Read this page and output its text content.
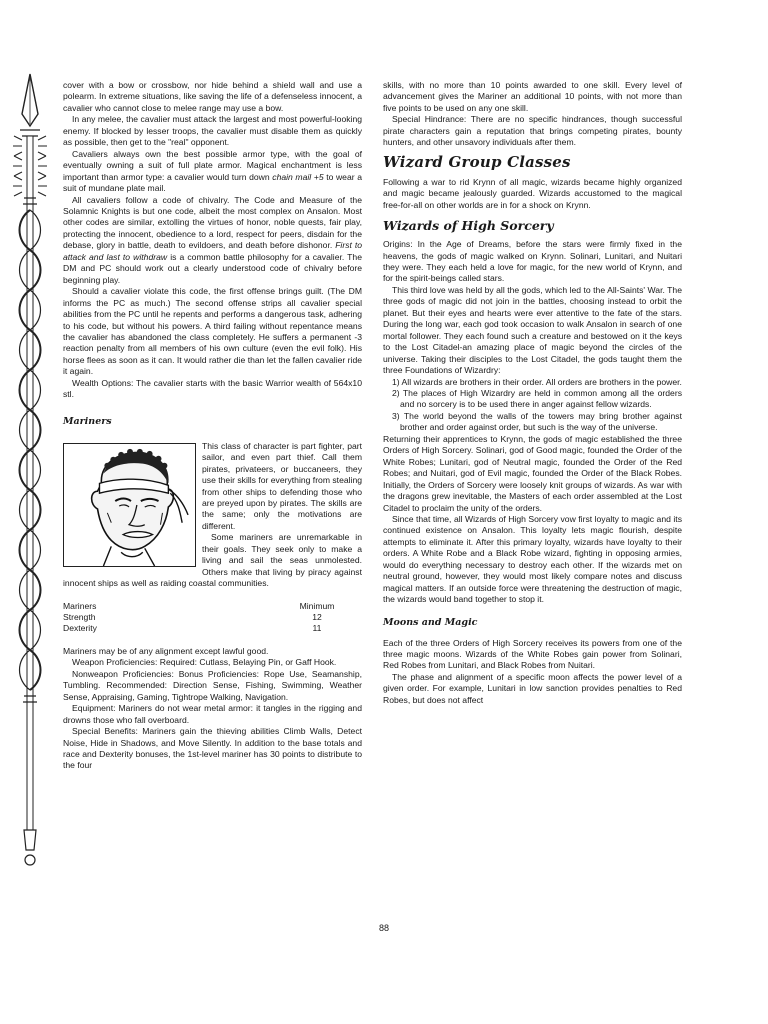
cover with a bow or crossbow, nor hide behind a shield wall and use a polearm. In extreme situations, like saving the life of a defenseless innocent, a cavalier who cannot close to melee range may use a bow.

In any melee, the cavalier must attack the largest and most powerful-looking enemy. If blocked by lesser troops, the cavalier must disable them as quickly as possible, then get to the "real" opponent.

Cavaliers always own the best possible armor type, with the goal of eventually owning a suit of full plate armor. Magical enchantment is less important than armor type: a cavalier would turn down chain mail +5 to wear a suit of mundane plate mail.

All cavaliers follow a code of chivalry. The Code and Measure of the Solamnic Knights is but one code, albeit the most complex on Ansalon. Most other codes are similar, extolling the virtues of honor, noble quests, fair play, protecting the innocent, obedience to a lord, respect for peers, disdain for the debase, glory in battle, death to evildoers, and death before dishonor. First to attack and last to withdraw is a common battle philosophy for a cavalier. The DM and PC should work out a clearly understood code of chivalry before beginning play.

Should a cavalier violate this code, the first offense brings guilt. (The DM informs the PC as much.) The second offense strips all cavalier special abilities from the PC until he repents and performs a dangerous task, adhering to his code, but without his powers. A third failing without repentance means the cavalier has abandoned the class completely. He suffers a permanent -3 reaction penalty from all members of his own culture (even the evil folk). His horse flees as soon as it can. It would rather die than let the fallen cavalier ride it again.

Wealth Options: The cavalier starts with the basic Warrior wealth of 564x10 stl.

Mariners

This class of character is part fighter, part sailor, and even part thief. Call them pirates, privateers, or buccaneers, they use their skills for everything from stealing from other ships to defending those who are preyed upon by pirates. The skills are the same; only the motivations are different.

Some mariners are unremarkable in their goals. They seek only to make a living and sail the seas unmolested. Others make that living by piracy against innocent ships as well as raiding coastal communities.

Mariners	Minimum
Strength	12
Dexterity	11

Mariners may be of any alignment except lawful good.

Weapon Proficiencies: Required: Cutlass, Belaying Pin, or Gaff Hook.

Nonweapon Proficiencies: Bonus Proficiencies: Rope Use, Seamanship, Tumbling. Recommended: Direction Sense, Fishing, Swimming, Weather Sense, Appraising, Gaming, Tightrope Walking, Navigation.

Equipment: Mariners do not wear metal armor: it tangles in the rigging and drowns those who fall overboard.

Special Benefits: Mariners gain the thieving abilities Climb Walls, Detect Noise, Hide in Shadows, and Move Silently. In addition to the base totals and race and Dexterity bonuses, the 1st-level mariner has 30 points to distribute to the four

skills, with no more than 10 points awarded to one skill. Every level of advancement gives the Mariner an additional 10 points, with not more than five points to be used on any one skill.

Special Hindrance: There are no specific hindrances, though successful pirate characters gain a reputation that brings competing pirates, bounty hunters, and other unsavory individuals after them.

Wizard Group Classes

Following a war to rid Krynn of all magic, wizards became highly organized and magic became jealously guarded. Wizards accustomed to the magical free-for-all on other worlds are in for a shock on Krynn.

Wizards of High Sorcery

Origins: In the Age of Dreams, before the stars were firmly fixed in the heavens, the gods of magic walked on Krynn. Solinari, Lunitari, and Nuitari they were. They each held a love for magic, for the new world of Krynn, and for the spirit-beings called stars.

This third love was held by all the gods, which led to the All-Saints' War. The three gods of magic did not join in the battles, choosing instead to orbit the planet. But their eyes and hearts were ever attentive to the fate of the stars. During the long war, each god took occasion to walk Ansalon in search of one mortal follower. They each found such a creature and bestowed on it the keys to the Lost Citadel-an amazing place of magic beyond the circles of the universe. Taking their disciples to the Lost Citadel, the gods taught them the three Foundations of Wizardry:

1) All wizards are brothers in their order. All orders are brothers in the power.

2) The places of High Wizardry are held in common among all the orders and no sorcery is to be used there in anger against fellow wizards.

3) The world beyond the walls of the towers may bring brother against brother and order against order, but such is the way of the universe.

Returning their apprentices to Krynn, the gods of magic established the three Orders of High Sorcery. Solinari, god of Good magic, founded the Order of the White Robes; Lunitari, god of Neutral magic, founded the Order of the Red Robes; and Nuitari, god of Evil magic, founded the Order of the Black Robes. Initially, the Orders of Sorcery were loosely knit groups of wizards. As war with the dragons grew inevitable, the Masters of each order assembled at the Lost Citadel to proclaim the unity of the orders.

Since that time, all Wizards of High Sorcery vow first loyalty to magic and its continued existence on Ansalon. This loyalty lets magic flourish, despite attempts to eliminate it. After this primary loyalty, wizards have loyalty to their orders. A White Robe and a Black Robe wizard, fighting in opposing armies, would do everything necessary to destroy each other. If the wizards met on neutral ground, however, they would most likely compare notes and discuss magical matters. If an outside force were threatening the destruction of magic, the wizards would band together to stop it.

Moons and Magic

Each of the three Orders of High Sorcery receives its powers from one of the three magic moons. Wizards of the White Robes gain power from Solinari, Red Robes from Lunitari, and Black Robes from Nuitari.

The phase and alignment of a specific moon affects the power level of a given order. For example, Lunitari in low sanction provides penalties to Red Robes, but does not affect

88
